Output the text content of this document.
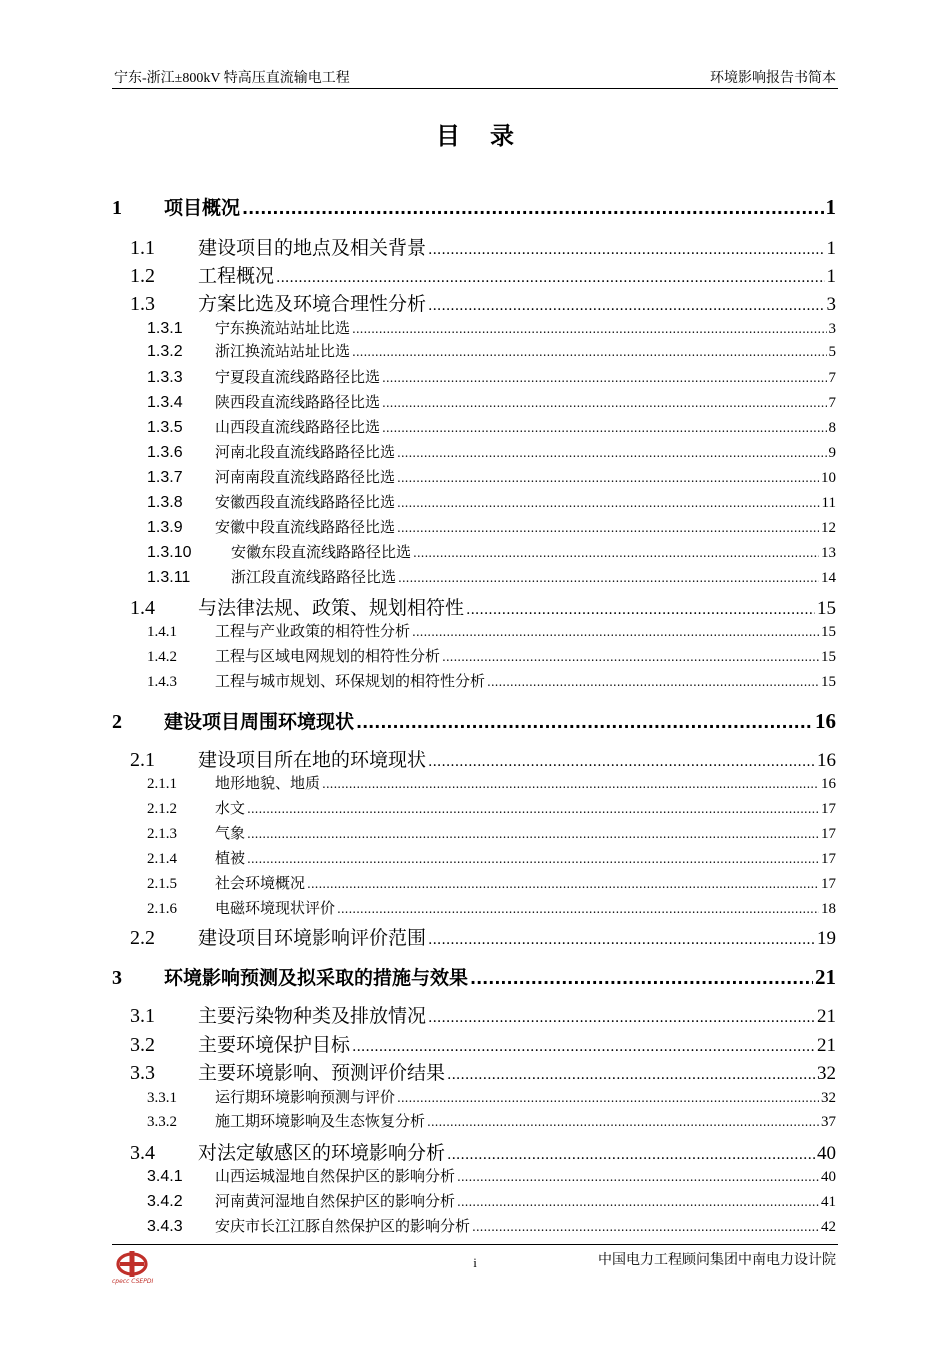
宁东-浙江±800kV 特高压直流输电工程	环境影响报告书简本
目录
1	项目概况 .....	1
1.1	建设项目的地点及相关背景 .....	1
1.2	工程概况 .....	1
1.3	方案比选及环境合理性分析 .....	3
1.3.1	宁东换流站站址比选 .....	3
1.3.2	浙江换流站站址比选 .....	5
1.3.3	宁夏段直流线路路径比选 .....	7
1.3.4	陕西段直流线路路径比选 .....	7
1.3.5	山西段直流线路路径比选 .....	8
1.3.6	河南北段直流线路路径比选 .....	9
1.3.7	河南南段直流线路路径比选 .....	10
1.3.8	安徽西段直流线路路径比选 .....	11
1.3.9	安徽中段直流线路路径比选 .....	12
1.3.10	安徽东段直流线路路径比选 .....	13
1.3.11	浙江段直流线路路径比选 .....	14
1.4	与法律法规、政策、规划相符性 .....	15
1.4.1	工程与产业政策的相符性分析 .....	15
1.4.2	工程与区域电网规划的相符性分析 .....	15
1.4.3	工程与城市规划、环保规划的相符性分析 .....	15
2	建设项目周围环境现状 .....	16
2.1	建设项目所在地的环境现状 .....	16
2.1.1	地形地貌、地质 .....	16
2.1.2	水文 .....	17
2.1.3	气象 .....	17
2.1.4	植被 .....	17
2.1.5	社会环境概况 .....	17
2.1.6	电磁环境现状评价 .....	18
2.2	建设项目环境影响评价范围 .....	19
3	环境影响预测及拟采取的措施与效果 .....	21
3.1	主要污染物种类及排放情况 .....	21
3.2	主要环境保护目标 .....	21
3.3	主要环境影响、预测评价结果 .....	32
3.3.1	运行期环境影响预测与评价 .....	32
3.3.2	施工期环境影响及生态恢复分析 .....	37
3.4	对法定敏感区的环境影响分析 .....	40
3.4.1	山西运城湿地自然保护区的影响分析 .....	40
3.4.2	河南黄河湿地自然保护区的影响分析 .....	41
3.4.3	安庆市长江江豚自然保护区的影响分析 .....	42
cpecc CSEPDI
i	中国电力工程顾问集团中南电力设计院
